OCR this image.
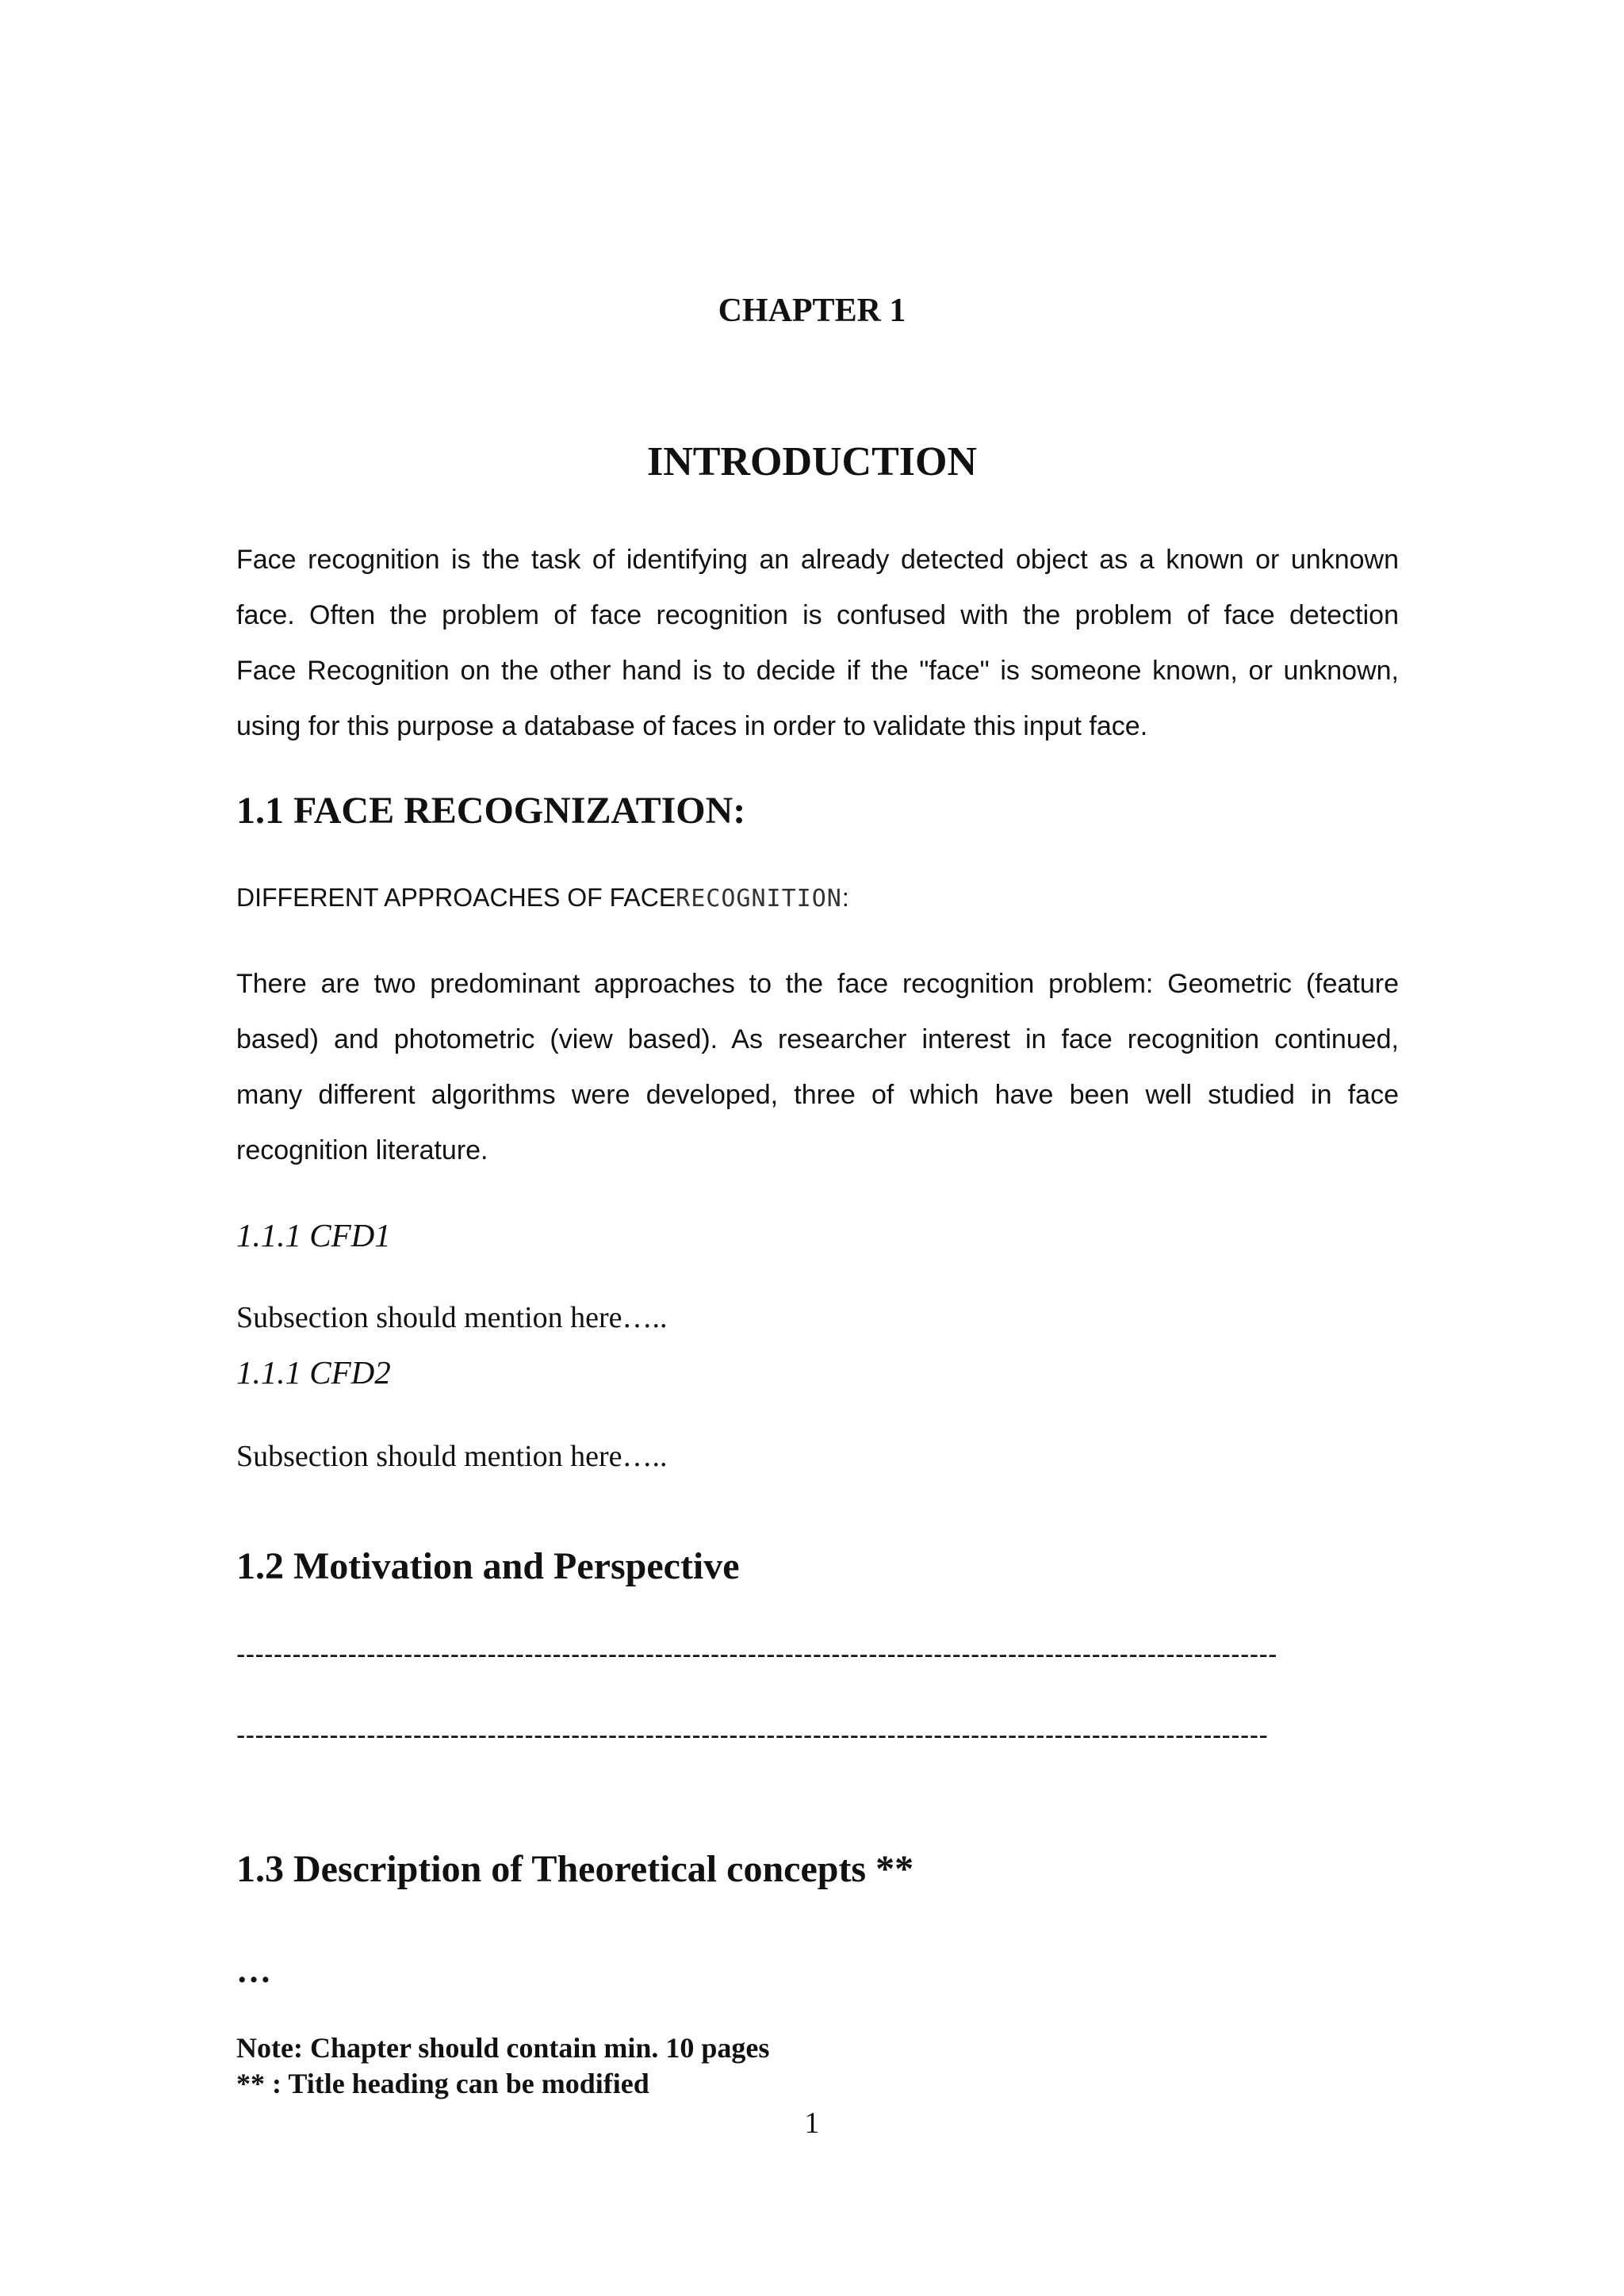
CHAPTER 1
INTRODUCTION
Face recognition is the task of identifying an already detected object as a known or unknown
face. Often the problem of face recognition is confused with the problem of face detection
Face Recognition on the other hand is to decide if the "face" is someone known, or unknown,
using for this purpose a database of faces in order to validate this input face.
1.1 FACE RECOGNIZATION:
DIFFERENT APPROACHES OF FACERECOGNITION:
There are two predominant approaches to the face recognition problem: Geometric (feature
based) and photometric (view based). As researcher interest in face recognition continued,
many different algorithms were developed, three of which have been well studied in face
recognition literature.
1.1.1 CFD1
Subsection should mention here…..
1.1.1 CFD2
Subsection should mention here…..
1.2 Motivation and Perspective
----------------------------------------------------------------------------------------------------------------
---------------------------------------------------------------------------------------------------------------
1.3 Description of Theoretical concepts **
…
Note: Chapter should contain min. 10 pages
** : Title heading can be modified
1
